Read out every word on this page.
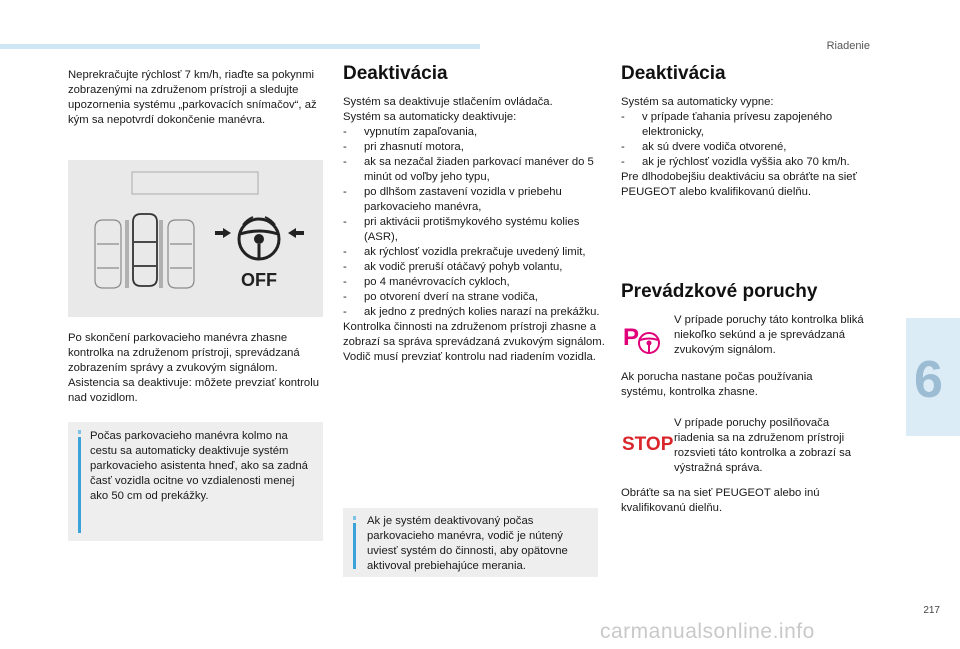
Riadenie
6
217
carmanualsonline.info

Neprekračujte rýchlosť 7 km/h, riaďte sa pokynmi zobrazenými na združenom prístroji a sledujte upozornenia systému „parkovacích snímačov“, až kým sa nepotvrdí dokončenie manévra.

OFF

Po skončení parkovacieho manévra zhasne kontrolka na združenom prístroji, sprevádzaná zobrazením správy a zvukovým signálom. Asistencia sa deaktivuje: môžete prevziať kontrolu nad vozidlom.

Počas parkovacieho manévra kolmo na cestu sa automaticky deaktivuje systém parkovacieho asistenta hneď, ako sa zadná časť vozidla ocitne vo vzdialenosti menej ako 50 cm od prekážky.

Deaktivácia

Systém sa deaktivuje stlačením ovládača.

Systém sa automaticky deaktivuje:

- vypnutím zapaľovania,
- pri zhasnutí motora,
- ak sa nezačal žiaden parkovací manéver do 5 minút od voľby jeho typu,
- po dlhšom zastavení vozidla v priebehu parkovacieho manévra,
- pri aktivácii protišmykového systému kolies (ASR),
- ak rýchlosť vozidla prekračuje uvedený limit,
- ak vodič preruší otáčavý pohyb volantu,
- po 4 manévrovacích cykloch,
- po otvorení dverí na strane vodiča,
- ak jedno z predných kolies narazí na prekážku.

Kontrolka činnosti na združenom prístroji zhasne a zobrazí sa správa sprevádzaná zvukovým signálom.

Vodič musí prevziať kontrolu nad riadením vozidla.

Ak je systém deaktivovaný počas parkovacieho manévra, vodič je nútený uviesť systém do činnosti, aby opätovne aktivoval prebiehajúce merania.

Deaktivácia

Systém sa automaticky vypne:

- v prípade ťahania prívesu zapojeného elektronicky,
- ak sú dvere vodiča otvorené,
- ak je rýchlosť vozidla vyššia ako 70 km/h.

Pre dlhodobejšiu deaktiváciu sa obráťte na sieť PEUGEOT alebo kvalifikovanú dielňu.

Prevádzkové poruchy
P

V prípade poruchy táto kontrolka bliká niekoľko sekúnd a je sprevádzaná zvukovým signálom.

Ak porucha nastane počas používania systému, kontrolka zhasne.

STOP

V prípade poruchy posilňovača riadenia sa na združenom prístroji rozsvieti táto kontrolka a zobrazí sa výstražná správa.

Obráťte sa na sieť PEUGEOT alebo inú kvalifikovanú dielňu.
